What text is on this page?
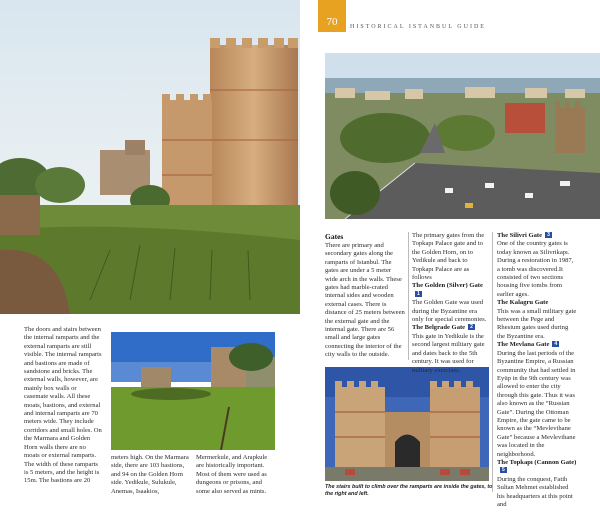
70	HISTORICAL ISTANBUL GUIDE

The doors and stairs between the internal ramparts and the external ramparts are still visible. The internal ramparts and bastions are made of sandstone and bricks. The external walls, however, are mainly box walls or casemate walls. All these moats, bastions, and external and internal ramparts are 70 meters wide. They include corridors and small holes. On the Marmara and Golden Horn walls there are no moats or external ramparts. The width of these ramparts is 5 meters, and the height is 15m. The bastions are 20

meters high. On the Marmara side, there are 103 bastions, and 94 on the Golden Horn side. Yedikule, Sulukule, Anemas, Isaakios,

Mermerkule, and Arapkule are historically important. Most of them were used as dungeons or prisons, and some also served as mints.

Gates

There are primary and secondary gates along the ramparts of Istanbul. The gates are under a 5 meter wide arch in the walls. These gates had marble-crated internal sides and wooden external cases. There is distance of 25 meters between the external gate and the internal gate. There are 56 small and large gates connecting the interior of the city walls to the outside.

The primary gates from the Topkapı Palace gate and to the Golden Horn, on to Yedikule and back to Topkapı Palace are as follows

The Golden (Silver) Gate1

The Golden Gate was used during the Byzantine era only for special ceremonies.

The Belgrade Gate 2

This gate in Yedikule is the second largest military gate and dates back to the 5th century. It was used for military exercises.

The Silivri Gate 3

One of the country gates is today known as Silivrikapı. During a restoration in 1987, a tomb was discovered.It consisted of two sections housing five tombs from earlier ages.

The Kalagru Gate

This was a small military gate between the Pege and Rhesium gates used during the Byzantine era.

The Mevlana Gate 4

During the last periods of the Byzantine Empire, a Russian community that had settled in Eyüp in the 9th century was allowed to enter the city through this gate. Thus it was also known as the “Russian Gate”. During the Ottoman Empire, the gate came to be known as the “Mevlevihane Gate” because a Mevlevihane was located in the neighborhood.

The Topkapı (Cannon Gate)5

During the conquest, Fatih Sultan Mehmet established his headquarters at this point and

The stairs built to climb over the ramparts are inside the gates, to the right and left.
